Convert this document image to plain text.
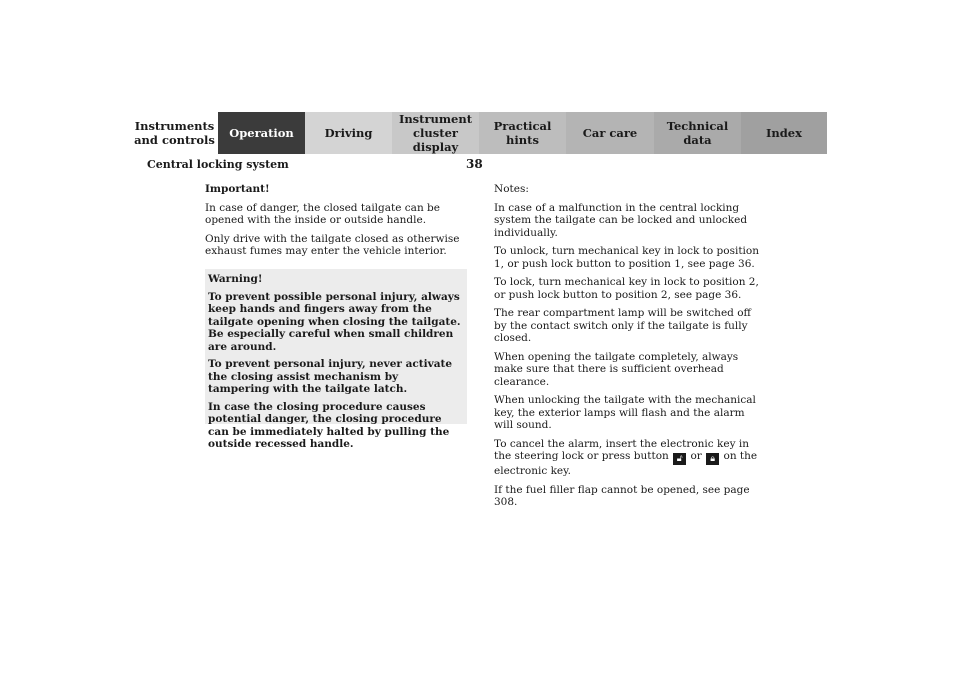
Instruments
and controls	Operation	Driving
Instrument
cluster display
Practical hints	Car care	Technical
data	Index
38
Central locking system

Important!

In case of danger, the closed tailgate can be opened with the inside or outside handle.

Only drive with the tailgate closed as otherwise exhaust fumes may enter the vehicle interior.

Warning!

To prevent possible personal injury, always keep hands and fingers away from the tailgate opening when closing the tailgate. Be especially careful when small children are around.

To prevent personal injury, never activate the closing assist mechanism by tampering with the tailgate latch.

In case the closing procedure causes potential danger, the closing procedure can be immediately halted by pulling the outside recessed handle.

Notes:

In case of a malfunction in the central locking system the tailgate can be locked and unlocked individually.

To unlock, turn mechanical key in lock to position 1, or push lock button to position 1, see page 36.

To lock, turn mechanical key in lock to position 2, or push lock button to position 2, see page 36.

The rear compartment lamp will be switched off by the contact switch only if the tailgate is fully closed.

When opening the tailgate completely, always make sure that there is sufficient overhead clearance.

When unlocking the tailgate with the mechanical key, the exterior lamps will flash and the alarm will sound.

To cancel the alarm, insert the electronic key in the steering lock or press button 🔓︎ or 🔒︎ on the electronic key.

If the fuel filler flap cannot be opened, see page 308.
